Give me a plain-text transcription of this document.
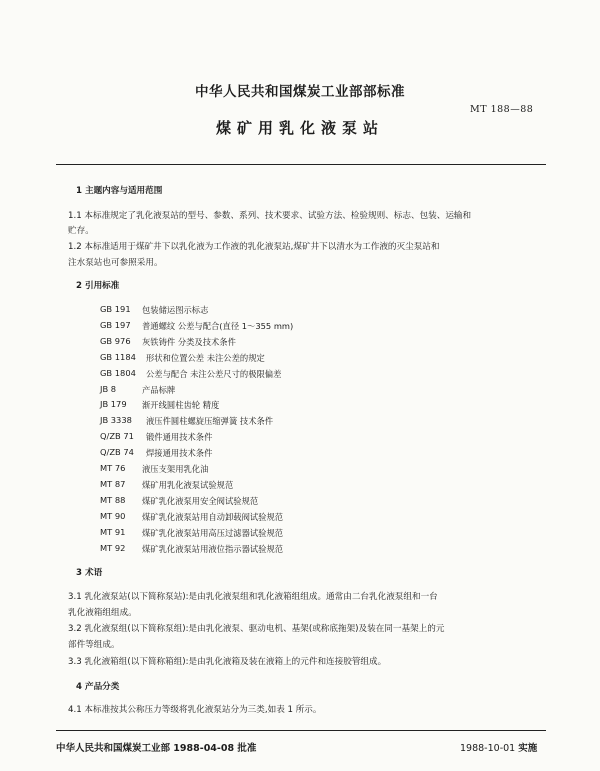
中华人民共和国煤炭工业部部标准
MT 188—88
煤矿用乳化液泵站
1 主题内容与适用范围
1.1 本标准规定了乳化液泵站的型号、参数、系列、技术要求、试验方法、检验规则、标志、包装、运输和
贮存。
1.2 本标准适用于煤矿井下以乳化液为工作液的乳化液泵站,煤矿井下以清水为工作液的灭尘泵站和
注水泵站也可参照采用。
2 引用标准
GB 191 包装储运图示标志
GB 197 普通螺纹 公差与配合(直径 1～355 mm)
GB 976 灰铁铸件 分类及技术条件
GB 1184 形状和位置公差 未注公差的规定
GB 1804 公差与配合 未注公差尺寸的极限偏差
JB 8	产品标牌
JB 179 渐开线圆柱齿轮 精度
JB 3338 液压件圆柱螺旋压缩弹簧 技术条件
Q/ZB 71 锻件通用技术条件
Q/ZB 74 焊接通用技术条件
MT 76 液压支架用乳化油
MT 87 煤矿用乳化液泵试验规范
MT 88 煤矿乳化液泵用安全阀试验规范
MT 90 煤矿乳化液泵站用自动卸载阀试验规范
MT 91 煤矿乳化液泵站用高压过滤器试验规范
MT 92 煤矿乳化液泵站用液位指示器试验规范
3 术语
3.1 乳化液泵站(以下简称泵站):是由乳化液泵组和乳化液箱组组成。通常由二台乳化液泵组和一台
乳化液箱组组成。
3.2 乳化液泵组(以下简称泵组):是由乳化液泵、驱动电机、基架(或称底拖架)及装在同一基架上的元
部件等组成。
3.3 乳化液箱组(以下简称箱组):是由乳化液箱及装在液箱上的元件和连接胶管组成。
4 产品分类
4.1 本标准按其公称压力等级将乳化液泵站分为三类,如表 1 所示。
中华人民共和国煤炭工业部 1988-04-08 批准	1988-10-01 实施
